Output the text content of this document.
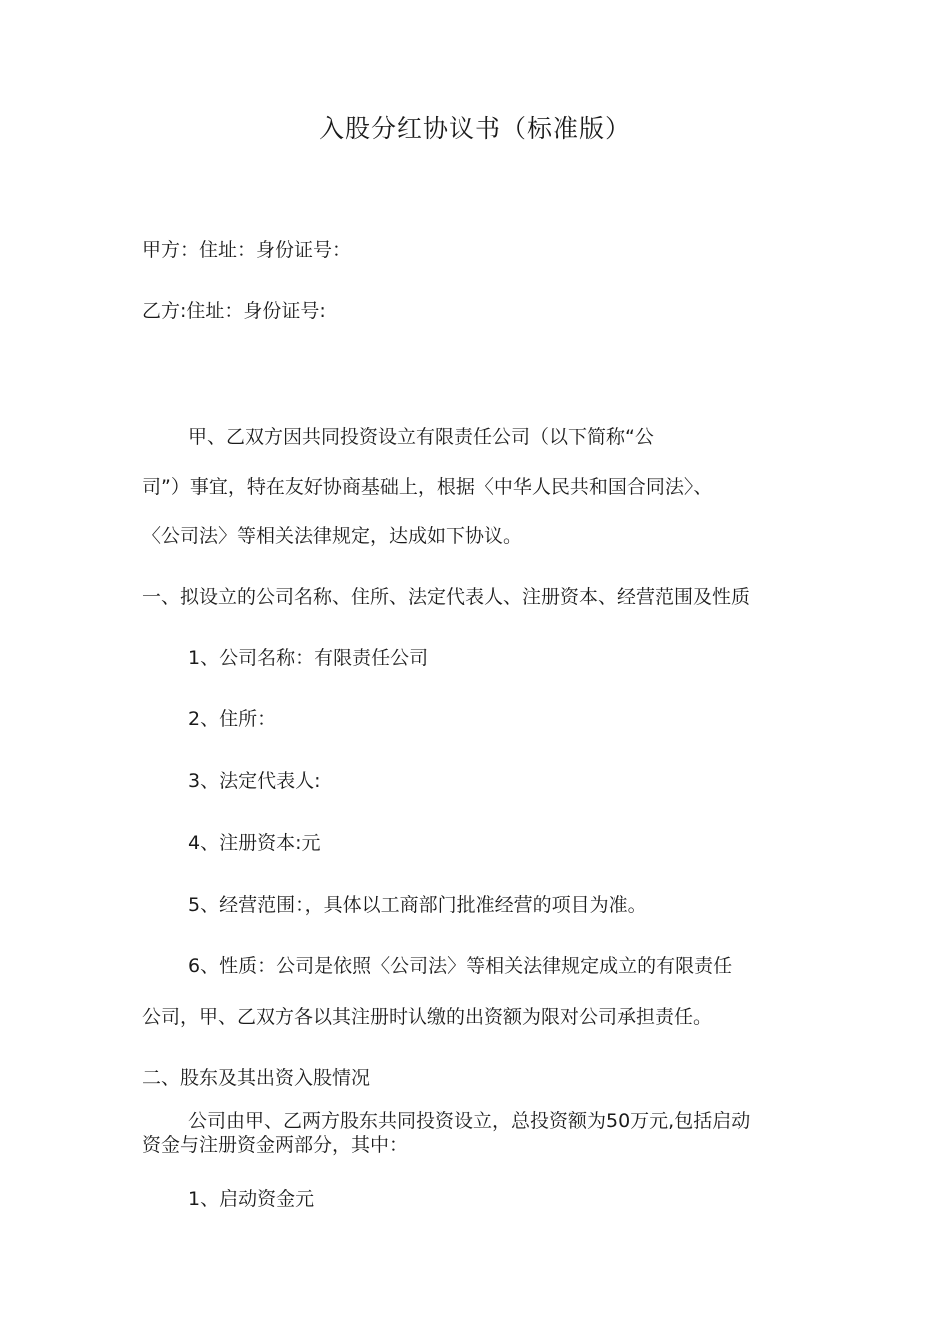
入股分红协议书（标准版）
甲方：住址：身份证号：
乙方:住址：身份证号:
甲、乙双方因共同投资设立有限责任公司（以下简称“公
司”）事宜，特在友好协商基础上，根据〈中华人民共和国合同法〉、
〈公司法〉等相关法律规定，达成如下协议。
一、拟设立的公司名称、住所、法定代表人、注册资本、经营范围及性质
1、公司名称：有限责任公司
2、住所：
3、法定代表人:
4、注册资本:元
5、经营范围：，具体以工商部门批准经营的项目为准。
6、性质：公司是依照〈公司法〉等相关法律规定成立的有限责任
公司，甲、乙双方各以其注册时认缴的出资额为限对公司承担责任。
二、股东及其出资入股情况
公司由甲、乙两方股东共同投资设立，总投资额为50万元,包括启动
资金与注册资金两部分，其中：
1、启动资金元
